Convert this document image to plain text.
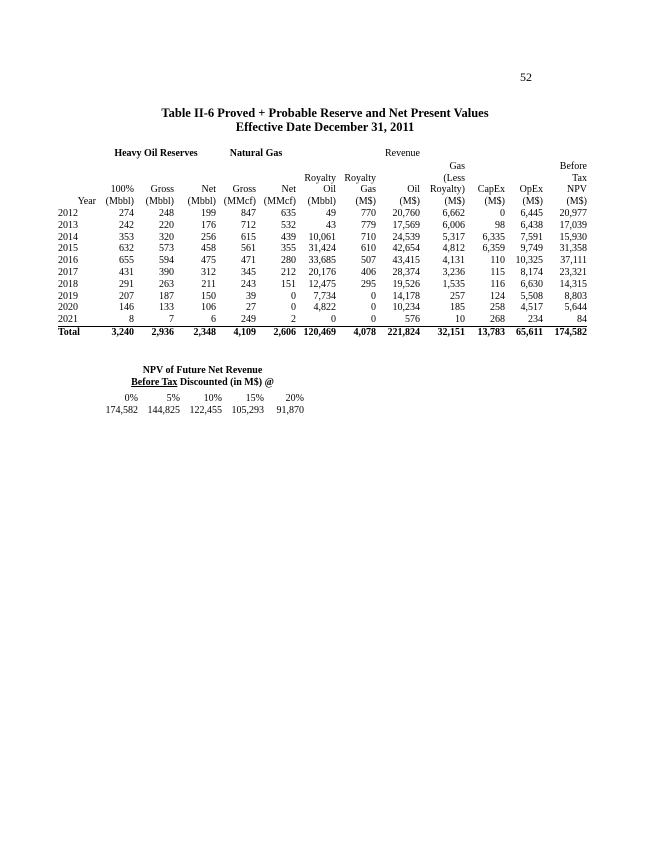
52
Table II-6 Proved + Probable Reserve and Net Present Values
Effective Date December 31, 2011
	Heavy Oil Reserves			Natural Gas		Revenue						
									Gas			Before
						Royalty	Royalty		(Less			Tax
	100%	Gross	Net	Gross	Net	Oil	Gas	Oil	Royalty)	CapEx	OpEx	NPV
Year	(Mbbl)	(Mbbl)	(Mbbl)	(MMcf)	(MMcf)	(Mbbl)	(M$)	(M$)	(M$)	(M$)	(M$)	(M$)
2012	274	248	199	847	635	49	770	20,760	6,662	0	6,445	20,977
2013	242	220	176	712	532	43	779	17,569	6,006	98	6,438	17,039
2014	353	320	256	615	439	10,061	710	24,539	5,317	6,335	7,591	15,930
2015	632	573	458	561	355	31,424	610	42,654	4,812	6,359	9,749	31,358
2016	655	594	475	471	280	33,685	507	43,415	4,131	110	10,325	37,111
2017	431	390	312	345	212	20,176	406	28,374	3,236	115	8,174	23,321
2018	291	263	211	243	151	12,475	295	19,526	1,535	116	6,630	14,315
2019	207	187	150	39	0	7,734	0	14,178	257	124	5,508	8,803
2020	146	133	106	27	0	4,822	0	10,234	185	258	4,517	5,644
2021	8	7	6	249	2	0	0	576	10	268	234	84
Total	3,240	2,936	2,348	4,109	2,606	120,469	4,078	221,824	32,151	13,783	65,611	174,582
NPV of Future Net Revenue
Before Tax Discounted (in M$) @
0%	5%	10%	15%	20%
174,582	144,825	122,455	105,293	91,870
